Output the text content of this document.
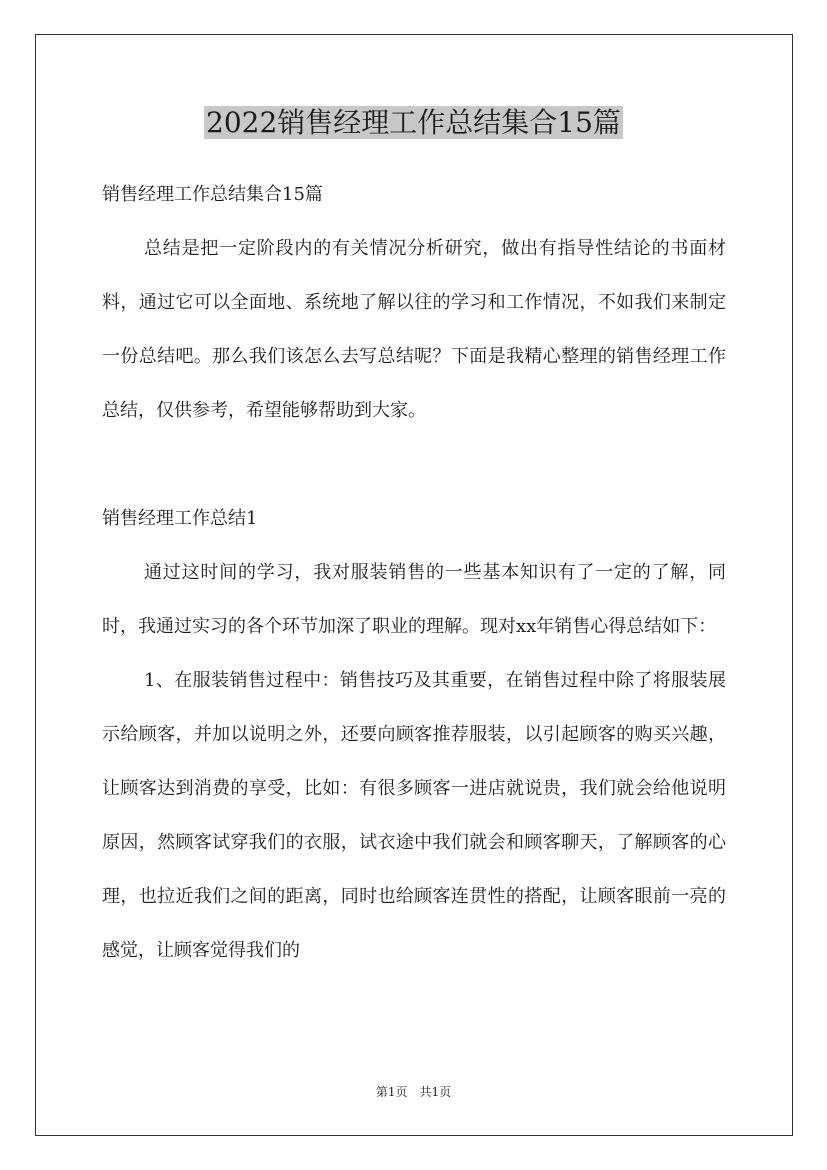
2022销售经理工作总结集合15篇

销售经理工作总结集合15篇

总结是把一定阶段内的有关情况分析研究，做出有指导性结论的书面材料，通过它可以全面地、系统地了解以往的学习和工作情况，不如我们来制定一份总结吧。那么我们该怎么去写总结呢？下面是我精心整理的销售经理工作总结，仅供参考，希望能够帮助到大家。

销售经理工作总结1

通过这时间的学习，我对服装销售的一些基本知识有了一定的了解，同时，我通过实习的各个环节加深了职业的理解。现对xx年销售心得总结如下：

1、在服装销售过程中：销售技巧及其重要，在销售过程中除了将服装展示给顾客，并加以说明之外，还要向顾客推荐服装，以引起顾客的购买兴趣，让顾客达到消费的享受，比如：有很多顾客一进店就说贵，我们就会给他说明原因，然顾客试穿我们的衣服，试衣途中我们就会和顾客聊天，了解顾客的心理，也拉近我们之间的距离，同时也给顾客连贯性的搭配，让顾客眼前一亮的感觉，让顾客觉得我们的

第1页 共1页
